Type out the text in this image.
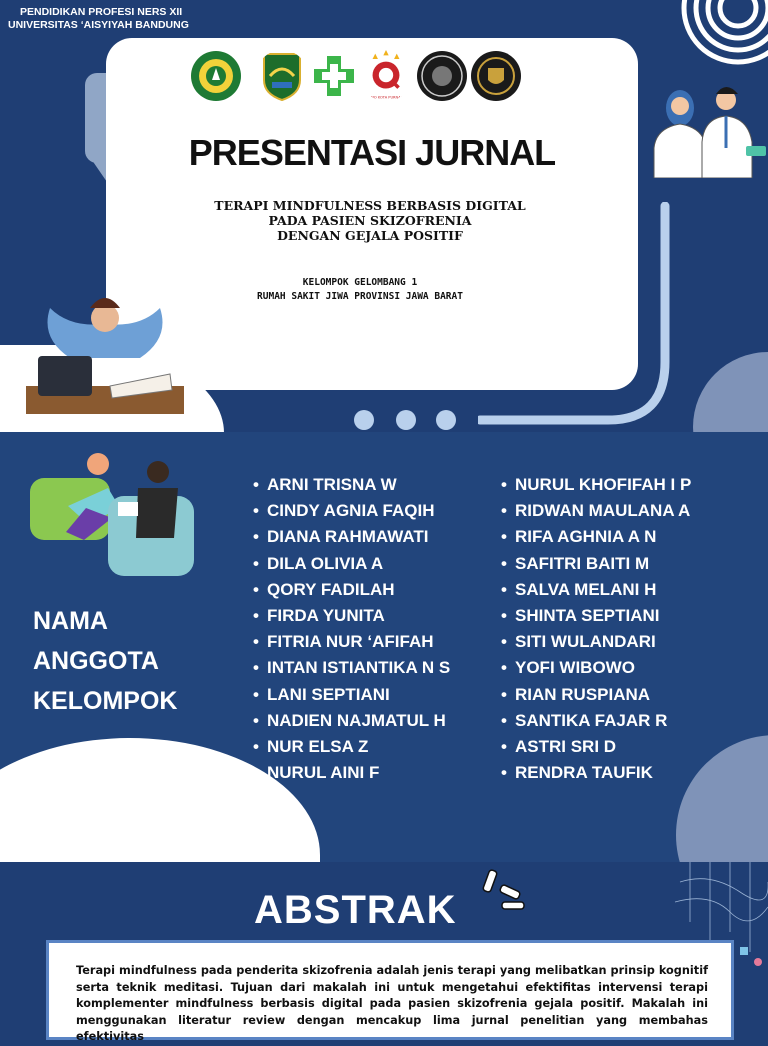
PENDIDIKAN PROFESI NERS XII
UNIVERSITAS ‘AISYIYAH BANDUNG
DEMO KOTA PURNAMA
PRESENTASI JURNAL
TERAPI MINDFULNESS BERBASIS DIGITAL
PADA PASIEN SKIZOFRENIA
DENGAN GEJALA POSITIF
KELOMPOK GELOMBANG 1
RUMAH SAKIT JIWA PROVINSI JAWA BARAT
NAMA
ANGGOTA
KELOMPOK
• ARNI TRISNA W
• CINDY AGNIA FAQIH
• DIANA RAHMAWATI
• DILA OLIVIA A
• QORY FADILAH
• FIRDA YUNITA
• FITRIA NUR ‘AFIFAH
• INTAN ISTIANTIKA N S
• LANI SEPTIANI
• NADIEN NAJMATUL H
• NUR ELSA Z
NURUL AINI F
• NURUL KHOFIFAH I P
• RIDWAN MAULANA A
• RIFA AGHNIA A N
• SAFITRI BAITI M
• SALVA MELANI H
• SHINTA SEPTIANI
• SITI WULANDARI
• YOFI WIBOWO
• RIAN RUSPIANA
• SANTIKA FAJAR R
• ASTRI SRI D
• RENDRA TAUFIK
ABSTRAK
Terapi mindfulness pada penderita skizofrenia adalah jenis terapi yang melibatkan prinsip kognitif serta teknik meditasi. Tujuan dari makalah ini untuk mengetahui efektifitas intervensi terapi komplementer mindfulness berbasis digital pada pasien skizofrenia gejala positif. Makalah ini menggunakan literatur review dengan mencakup lima jurnal penelitian yang membahas efektivitas
